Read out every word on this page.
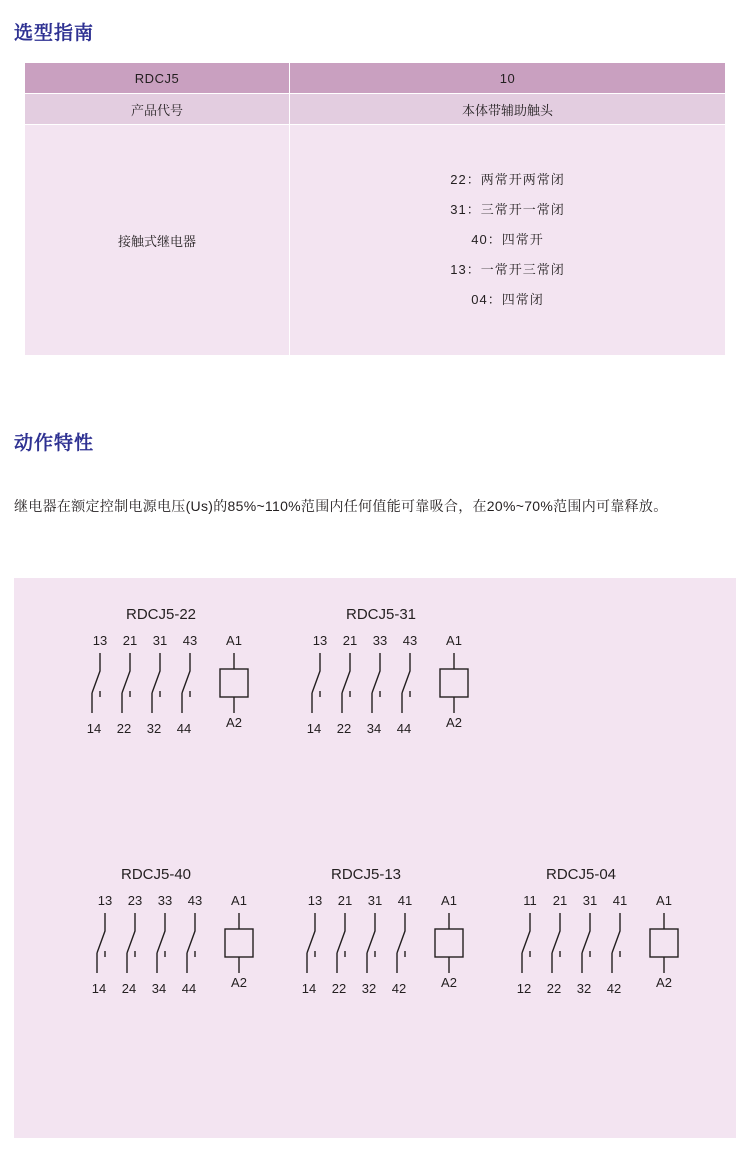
选型指南
RDCJ5	10
产品代号	本体带辅助触头
接触式继电器	22：两常开两常闭
31：三常开一常闭
40：四常开
13：一常开三常闭
04：四常闭
动作特性

继电器在额定控制电源电压(Us)的85%~110%范围内任何值能可靠吸合，在20%~70%范围内可靠释放。

RDCJ5-22
13 21 31 43 A1
A2
14 22 32 44
RDCJ5-31
13 21 33 43 A1
A2
14 22 34 44
RDCJ5-40
13 23 33 43 A1
A2
14 24 34 44
RDCJ5-13
13 21 31 41 A1
A2
14 22 32 42
RDCJ5-04
11 21 31 41 A1
A2
12 22 32 42
